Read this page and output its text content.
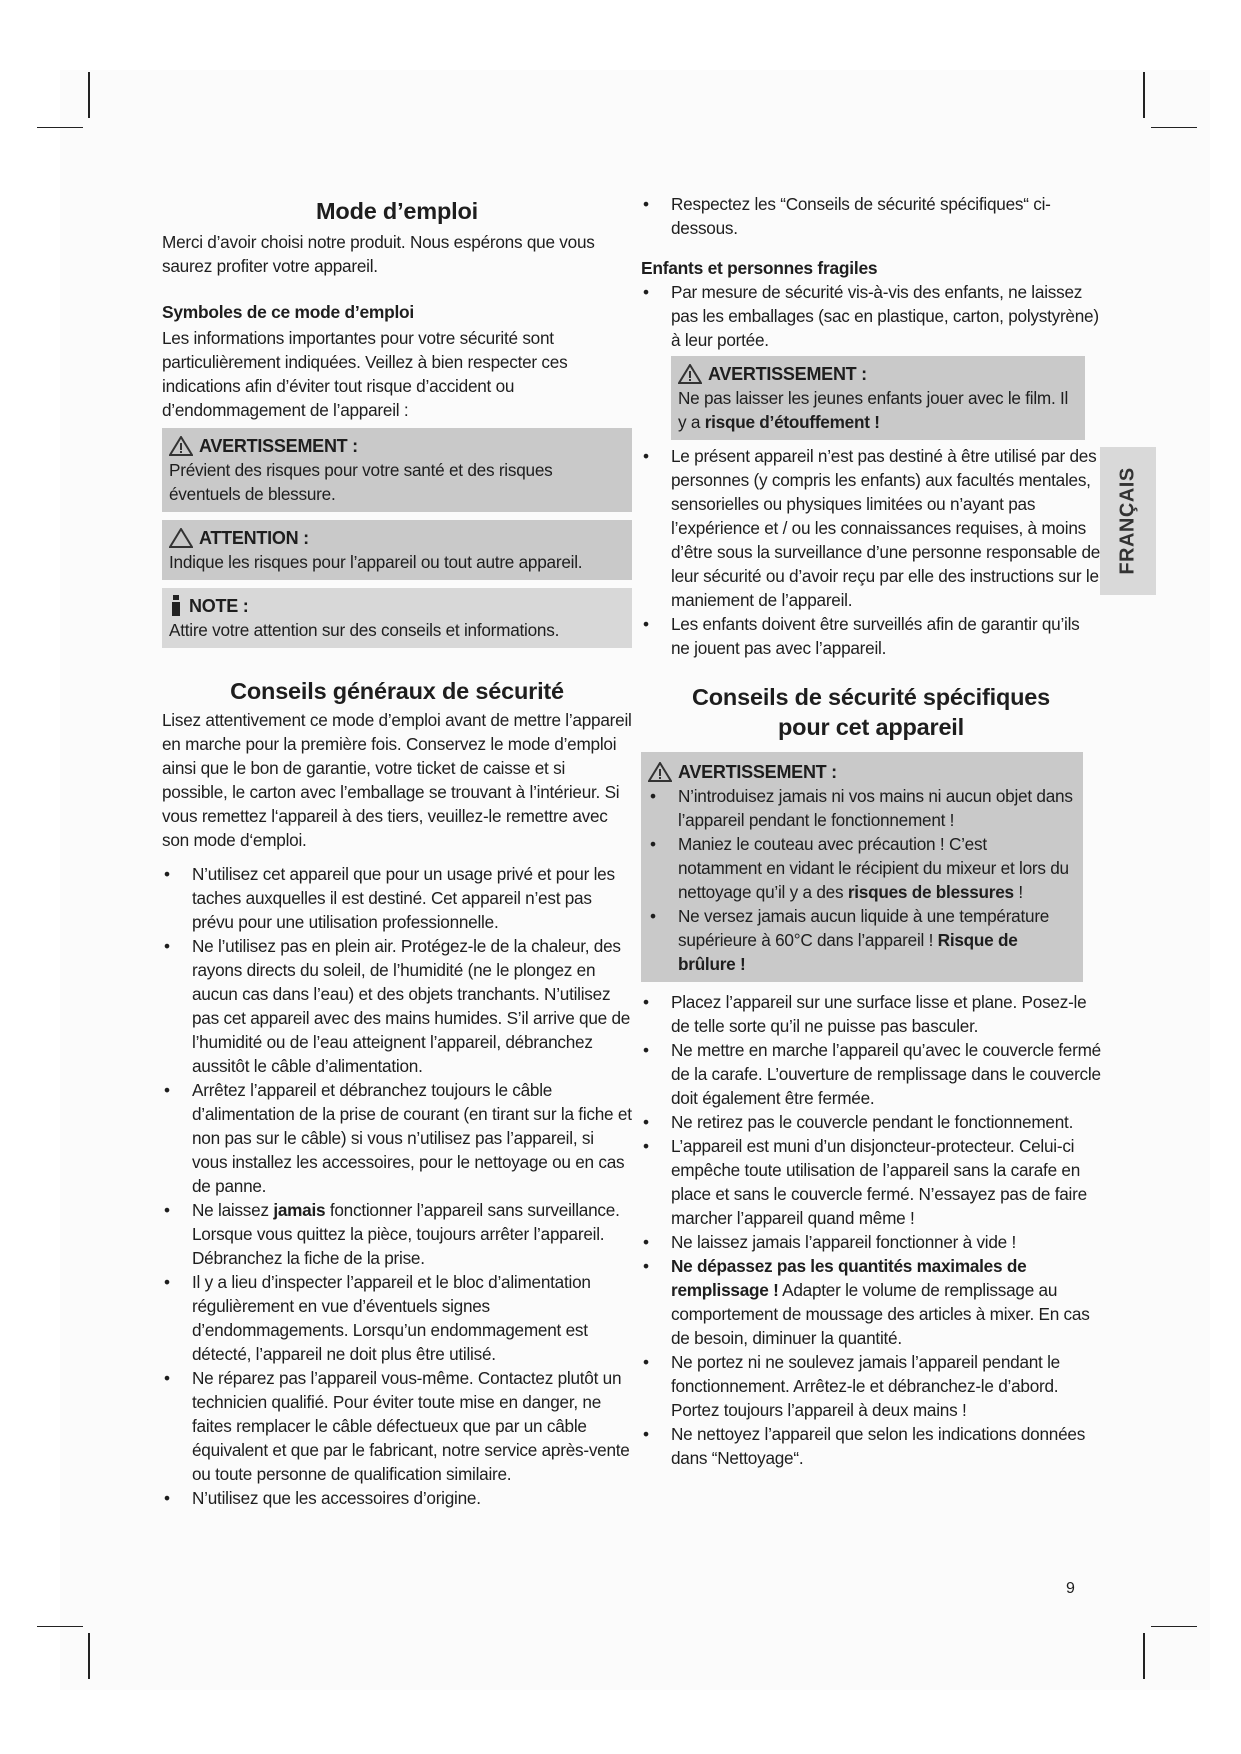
Mode d’emploi

Merci d’avoir choisi notre produit. Nous espérons que vous saurez profiter votre appareil.

Symboles de ce mode d’emploi

Les informations importantes pour votre sécurité sont particulièrement indiquées. Veillez à bien respecter ces indications afin d’éviter tout risque d’accident ou d’endommagement de l’appareil :

AVERTISSEMENT :

Prévient des risques pour votre santé et des risques éventuels de blessure.

ATTENTION :

Indique les risques pour l’appareil ou tout autre appareil.

NOTE :

Attire votre attention sur des conseils et informations.

Conseils généraux de sécurité

Lisez attentivement ce mode d’emploi avant de mettre l’appareil en marche pour la première fois. Conservez le mode d’emploi ainsi que le bon de garantie, votre ticket de caisse et si possible, le carton avec l’emballage se trouvant à l’intérieur. Si vous remettez l‘appareil à des tiers, veuillez-le remettre avec son mode d‘emploi.

• N’utilisez cet appareil que pour un usage privé et pour les taches auxquelles il est destiné. Cet appareil n’est pas prévu pour une utilisation professionnelle.
• Ne l’utilisez pas en plein air. Protégez-le de la chaleur, des rayons directs du soleil, de l’humidité (ne le plongez en aucun cas dans l’eau) et des objets tranchants. N’utilisez pas cet appareil avec des mains humides. S’il arrive que de l’humidité ou de l’eau atteignent l’appareil, débranchez aussitôt le câble d’alimentation.
• Arrêtez l’appareil et débranchez toujours le câble d’alimentation de la prise de courant (en tirant sur la fiche et non pas sur le câble) si vous n’utilisez pas l’appareil, si vous installez les accessoires, pour le nettoyage ou en cas de panne.
• Ne laissez jamais fonctionner l’appareil sans surveillance. Lorsque vous quittez la pièce, toujours arrêter l’appareil. Débranchez la fiche de la prise.
• Il y a lieu d’inspecter l’appareil et le bloc d’alimentation régulièrement en vue d’éventuels signes d’endommagements. Lorsqu’un endommagement est détecté, l’appareil ne doit plus être utilisé.
• Ne réparez pas l’appareil vous-même. Contactez plutôt un technicien qualifié. Pour éviter toute mise en danger, ne faites remplacer le câble défectueux que par un câble équivalent et que par le fabricant, notre service après-vente ou toute personne de qualification similaire.
• N’utilisez que les accessoires d’origine.
• Respectez les “Conseils de sécurité spécifiques“ ci-dessous.
Enfants et personnes fragiles
• Par mesure de sécurité vis-à-vis des enfants, ne laissez pas les emballages (sac en plastique, carton, polystyrène) à leur portée.
AVERTISSEMENT :

Ne pas laisser les jeunes enfants jouer avec le film. Il y a risque d’étouffement !

• Le présent appareil n’est pas destiné à être utilisé par des personnes (y compris les enfants) aux facultés mentales, sensorielles ou physiques limitées ou n’ayant pas l’expérience et / ou les connaissances requises, à moins d’être sous la surveillance d’une personne responsable de leur sécurité ou d’avoir reçu par elle des instructions sur le maniement de l’appareil.
• Les enfants doivent être surveillés afin de garantir qu’ils ne jouent pas avec l’appareil.
Conseils de sécurité spécifiques
pour cet appareil
AVERTISSEMENT :
• N’introduisez jamais ni vos mains ni aucun objet dans l’appareil pendant le fonctionnement !
• Maniez le couteau avec précaution ! C’est notamment en vidant le récipient du mixeur et lors du nettoyage qu’il y a des risques de blessures !
• Ne versez jamais aucun liquide à une température supérieure à 60°C dans l’appareil ! Risque de brûlure !
• Placez l’appareil sur une surface lisse et plane. Posez-le de telle sorte qu’il ne puisse pas basculer.
• Ne mettre en marche l’appareil qu’avec le couvercle fermé de la carafe. L’ouverture de remplissage dans le couvercle doit également être fermée.
• Ne retirez pas le couvercle pendant le fonctionnement.
• L’appareil est muni d’un disjoncteur-protecteur. Celui-ci empêche toute utilisation de l’appareil sans la carafe en place et sans le couvercle fermé. N’essayez pas de faire marcher l’appareil quand même !
• Ne laissez jamais l’appareil fonctionner à vide !
• Ne dépassez pas les quantités maximales de remplissage ! Adapter le volume de remplissage au comportement de moussage des articles à mixer. En cas de besoin, diminuer la quantité.
• Ne portez ni ne soulevez jamais l’appareil pendant le fonctionnement. Arrêtez-le et débranchez-le d’abord. Portez toujours l’appareil à deux mains !
• Ne nettoyez l’appareil que selon les indications données dans “Nettoyage“.
FRANÇAIS
9
